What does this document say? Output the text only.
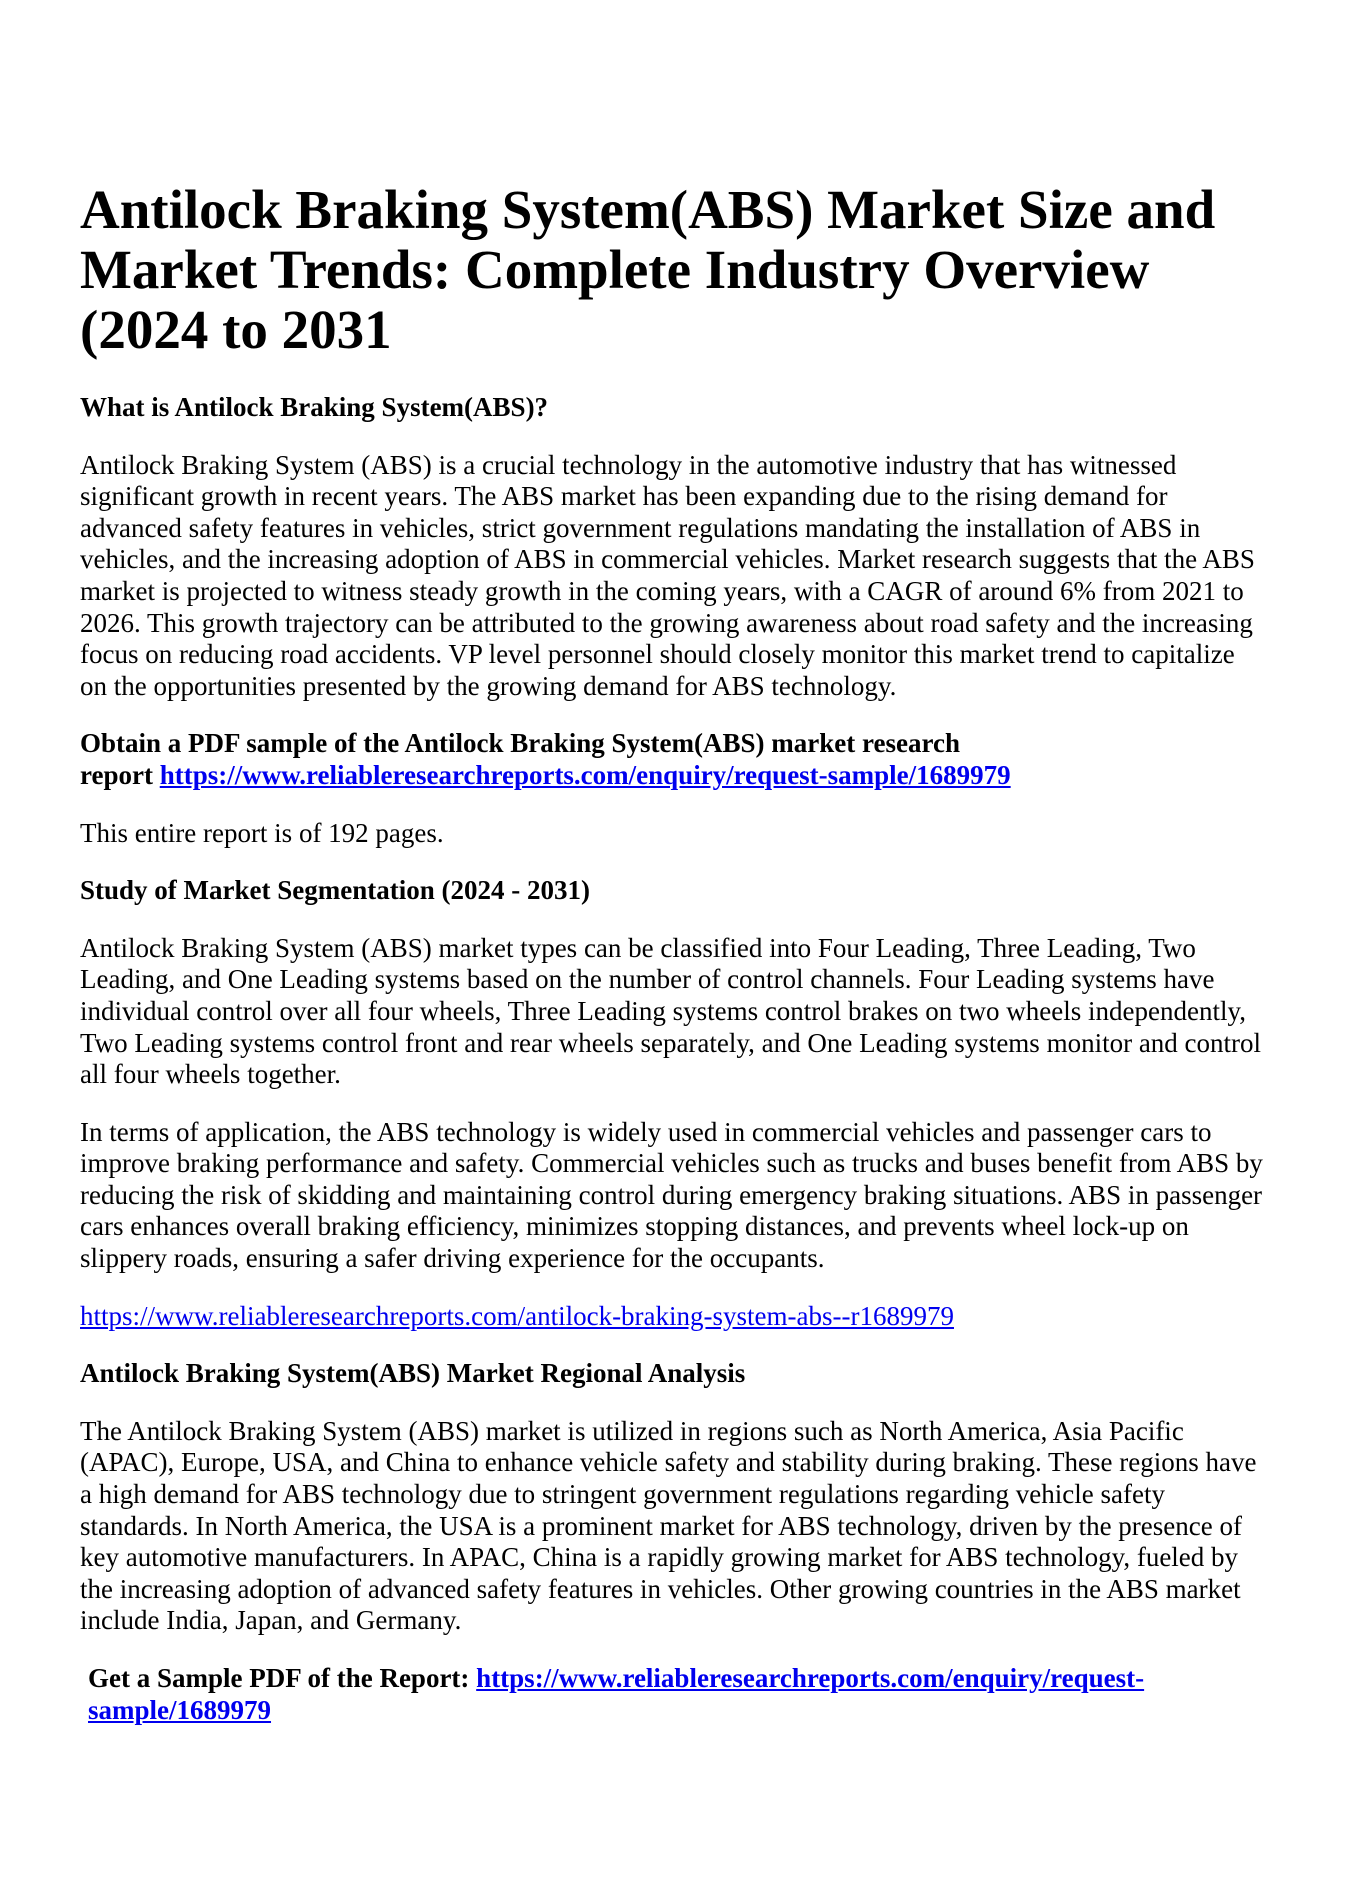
Antilock Braking System(ABS) Market Size and Market Trends: Complete Industry Overview (2024 to 2031
What is Antilock Braking System(ABS)?

Antilock Braking System (ABS) is a crucial technology in the automotive industry that has witnessed significant growth in recent years. The ABS market has been expanding due to the rising demand for advanced safety features in vehicles, strict government regulations mandating the installation of ABS in vehicles, and the increasing adoption of ABS in commercial vehicles. Market research suggests that the ABS market is projected to witness steady growth in the coming years, with a CAGR of around 6% from 2021 to 2026. This growth trajectory can be attributed to the growing awareness about road safety and the increasing focus on reducing road accidents. VP level personnel should closely monitor this market trend to capitalize on the opportunities presented by the growing demand for ABS technology.

Obtain a PDF sample of the Antilock Braking System(ABS) market research
report https://www.reliableresearchreports.com/enquiry/request-sample/1689979

This entire report is of 192 pages.

Study of Market Segmentation (2024 - 2031)

Antilock Braking System (ABS) market types can be classified into Four Leading, Three Leading, Two Leading, and One Leading systems based on the number of control channels. Four Leading systems have individual control over all four wheels, Three Leading systems control brakes on two wheels independently, Two Leading systems control front and rear wheels separately, and One Leading systems monitor and control all four wheels together.

In terms of application, the ABS technology is widely used in commercial vehicles and passenger cars to improve braking performance and safety. Commercial vehicles such as trucks and buses benefit from ABS by reducing the risk of skidding and maintaining control during emergency braking situations. ABS in passenger cars enhances overall braking efficiency, minimizes stopping distances, and prevents wheel lock-up on slippery roads, ensuring a safer driving experience for the occupants.

https://www.reliableresearchreports.com/antilock-braking-system-abs--r1689979

Antilock Braking System(ABS) Market Regional Analysis

The Antilock Braking System (ABS) market is utilized in regions such as North America, Asia Pacific (APAC), Europe, USA, and China to enhance vehicle safety and stability during braking. These regions have a high demand for ABS technology due to stringent government regulations regarding vehicle safety standards. In North America, the USA is a prominent market for ABS technology, driven by the presence of key automotive manufacturers. In APAC, China is a rapidly growing market for ABS technology, fueled by the increasing adoption of advanced safety features in vehicles. Other growing countries in the ABS market include India, Japan, and Germany.

Get a Sample PDF of the Report: https://www.reliableresearchreports.com/enquiry/request-sample/1689979
